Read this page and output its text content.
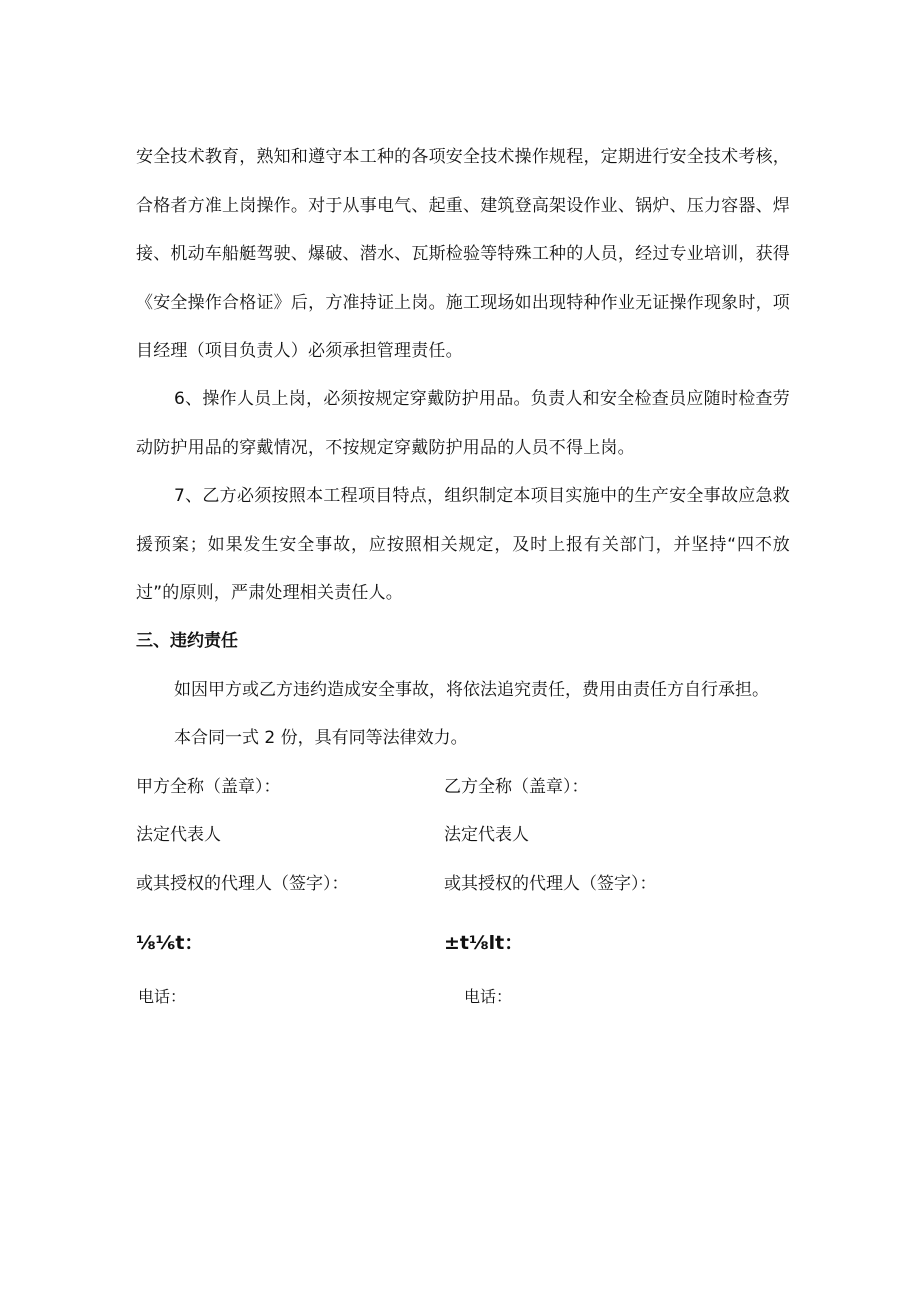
安全技术教育，熟知和遵守本工种的各项安全技术操作规程，定期进行安全技术考核，合格者方准上岗操作。对于从事电气、起重、建筑登高架设作业、锅炉、压力容器、焊接、机动车船艇驾驶、爆破、潜水、瓦斯检验等特殊工种的人员，经过专业培训，获得《安全操作合格证》后，方准持证上岗。施工现场如出现特种作业无证操作现象时，项目经理（项目负责人）必须承担管理责任。

6、操作人员上岗，必须按规定穿戴防护用品。负责人和安全检查员应随时检查劳动防护用品的穿戴情况，不按规定穿戴防护用品的人员不得上岗。

7、乙方必须按照本工程项目特点，组织制定本项目实施中的生产安全事故应急救援预案；如果发生安全事故，应按照相关规定，及时上报有关部门，并坚持“四不放过”的原则，严肃处理相关责任人。

三、违约责任

如因甲方或乙方违约造成安全事故，将依法追究责任，费用由责任方自行承担。

本合同一式 2 份，具有同等法律效力。

甲方全称（盖章）：	乙方全称（盖章）：

法定代表人	法定代表人

或其授权的代理人（签字）：	或其授权的代理人（签字）：

⅛⅙t：	±t⅛lt：

电话：	电话：
